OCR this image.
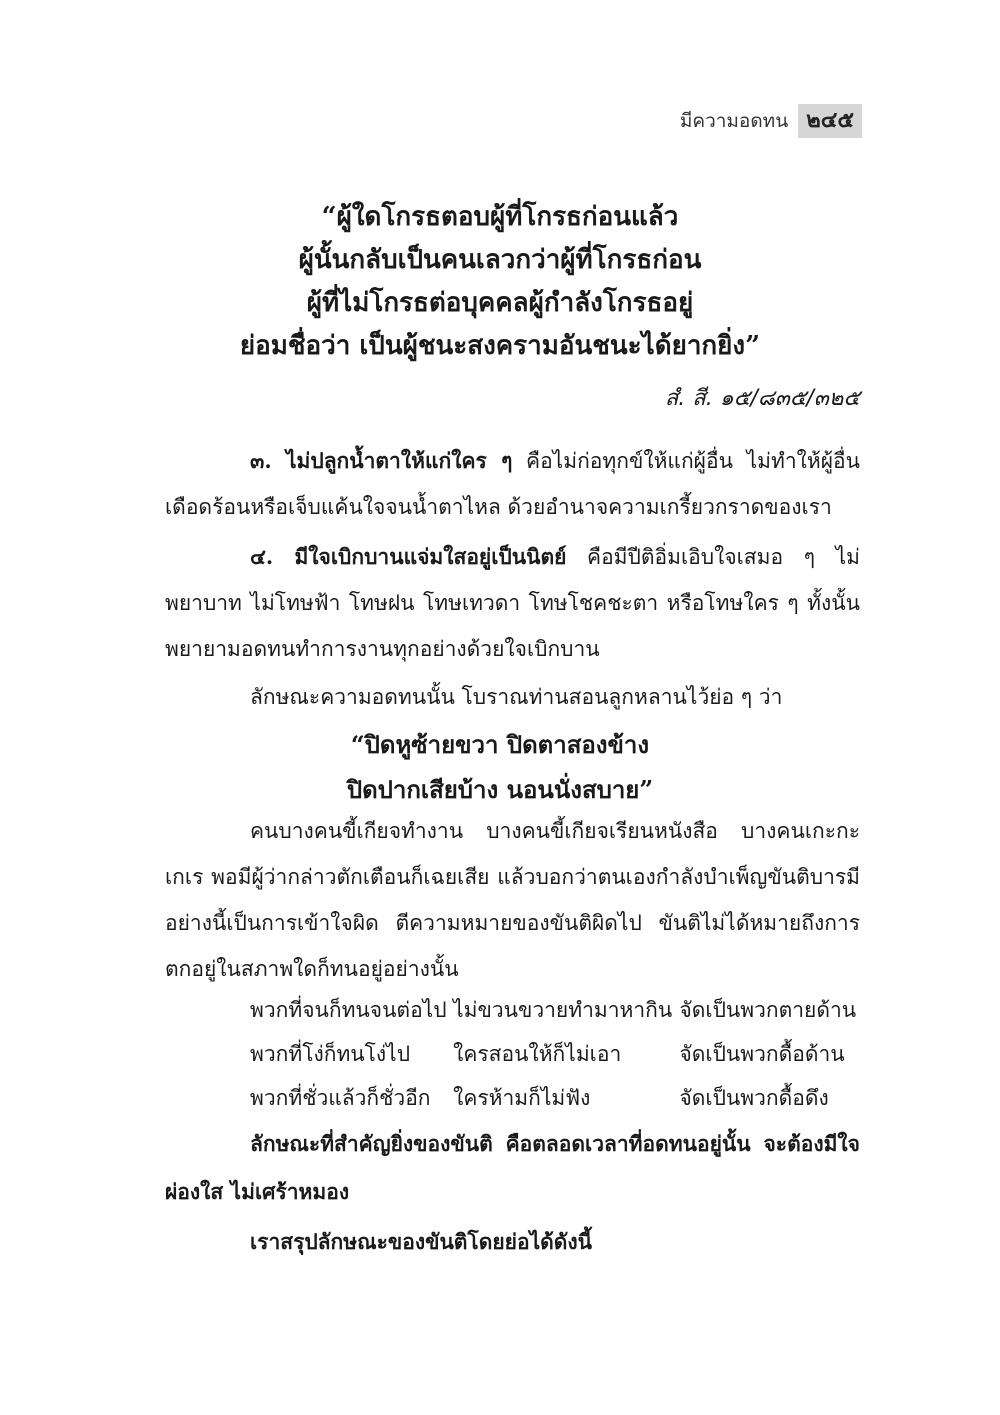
มีความอดทน ๒๔๕
“ผู้ใดโกรธตอบผู้ที่โกรธก่อนแล้ว
ผู้นั้นกลับเป็นคนเลวกว่าผู้ที่โกรธก่อน
ผู้ที่ไม่โกรธต่อบุคคลผู้กำลังโกรธอยู่
ย่อมชื่อว่า เป็นผู้ชนะสงครามอันชนะได้ยากยิ่ง”
สํ. สี. ๑๕/๘๓๕/๓๒๕
๓. ไม่ปลูกน้ำตาให้แก่ใคร ๆ คือไม่ก่อทุกข์ให้แก่ผู้อื่น ไม่ทำให้ผู้อื่นเดือดร้อนหรือเจ็บแค้นใจจนน้ำตาไหล ด้วยอำนาจความเกรี้ยวกราดของเรา
๔. มีใจเบิกบานแจ่มใสอยู่เป็นนิตย์ คือมีปีติอิ่มเอิบใจเสมอ ๆ ไม่พยาบาท ไม่โทษฟ้า โทษฝน โทษเทวดา โทษโชคชะตา หรือโทษใคร ๆ ทั้งนั้น พยายามอดทนทำการงานทุกอย่างด้วยใจเบิกบาน
ลักษณะความอดทนนั้น โบราณท่านสอนลูกหลานไว้ย่อ ๆ ว่า
“ปิดหูซ้ายขวา ปิดตาสองข้าง
ปิดปากเสียบ้าง นอนนั่งสบาย”
คนบางคนขี้เกียจทำงาน บางคนขี้เกียจเรียนหนังสือ บางคนเกะกะเกเร พอมีผู้ว่ากล่าวตักเตือนก็เฉยเสีย แล้วบอกว่าตนเองกำลังบำเพ็ญขันติบารมี อย่างนี้เป็นการเข้าใจผิด ตีความหมายของขันติผิดไป ขันติไม่ได้หมายถึงการตกอยู่ในสภาพใดก็ทนอยู่อย่างนั้น
พวกที่จนก็ทนจนต่อไป	ไม่ขวนขวายทำมาหากิน	จัดเป็นพวกตายด้าน
พวกที่โง่ก็ทนโง่ไป	ใครสอนให้ก็ไม่เอา	จัดเป็นพวกดื้อด้าน
พวกที่ชั่วแล้วก็ชั่วอีก	ใครห้ามก็ไม่ฟัง	จัดเป็นพวกดื้อดึง
ลักษณะที่สำคัญยิ่งของขันติ คือตลอดเวลาที่อดทนอยู่นั้น จะต้องมีใจผ่องใส ไม่เศร้าหมอง
เราสรุปลักษณะของขันติโดยย่อได้ดังนี้
